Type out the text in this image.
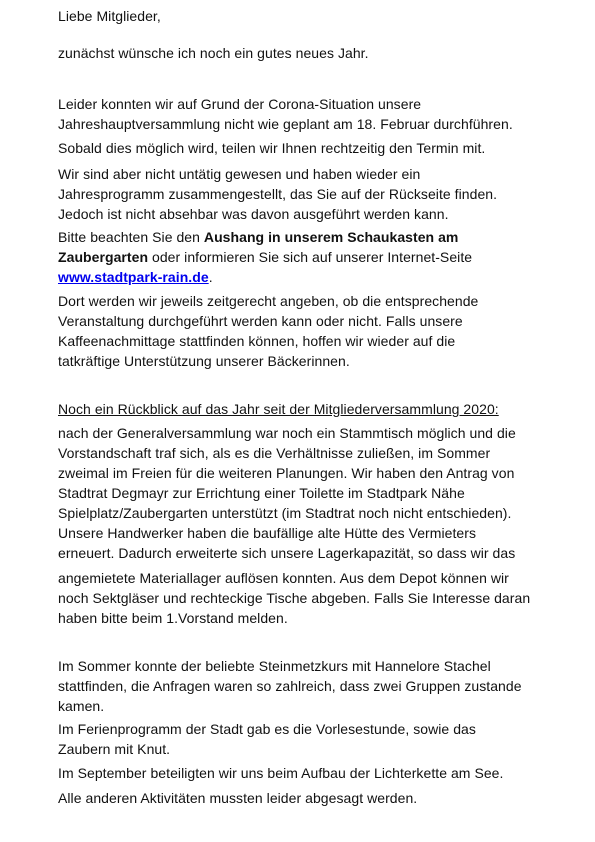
Liebe Mitglieder,
zunächst wünsche ich noch ein gutes neues Jahr.
Leider konnten wir auf Grund der Corona-Situation unsere
Jahreshauptversammlung nicht wie geplant am 18. Februar durchführen.
Sobald dies möglich wird, teilen wir Ihnen rechtzeitig den Termin mit.
Wir sind aber nicht untätig gewesen und haben wieder ein
Jahresprogramm zusammengestellt, das Sie auf der Rückseite finden.
Jedoch ist nicht absehbar was davon ausgeführt werden kann.
Bitte beachten Sie den Aushang in unserem Schaukasten am
Zaubergarten oder informieren Sie sich auf unserer Internet-Seite
www.stadtpark-rain.de.
Dort werden wir jeweils zeitgerecht angeben, ob die entsprechende
Veranstaltung durchgeführt werden kann oder nicht. Falls unsere
Kaffeenachmittage stattfinden können, hoffen wir wieder auf die
tatkräftige Unterstützung unserer Bäckerinnen.
Noch ein Rückblick auf das Jahr seit der Mitgliederversammlung 2020:
nach der Generalversammlung war noch ein Stammtisch möglich und die
Vorstandschaft traf sich, als es die Verhältnisse zuließen, im Sommer
zweimal im Freien für die weiteren Planungen. Wir haben den Antrag von
Stadtrat Degmayr zur Errichtung einer Toilette im Stadtpark Nähe
Spielplatz/Zaubergarten unterstützt (im Stadtrat noch nicht entschieden).
Unsere Handwerker haben die baufällige alte Hütte des Vermieters
erneuert. Dadurch erweiterte sich unsere Lagerkapazität, so dass wir das
angemietete Materiallager auflösen konnten. Aus dem Depot können wir
noch Sektgläser und rechteckige Tische abgeben. Falls Sie Interesse daran
haben bitte beim 1.Vorstand melden.
Im Sommer konnte der beliebte Steinmetzkurs mit Hannelore Stachel
stattfinden, die Anfragen waren so zahlreich, dass zwei Gruppen zustande
kamen.
Im Ferienprogramm der Stadt gab es die Vorlesestunde, sowie das
Zaubern mit Knut.
Im September beteiligten wir uns beim Aufbau der Lichterkette am See.
Alle anderen Aktivitäten mussten leider abgesagt werden.
